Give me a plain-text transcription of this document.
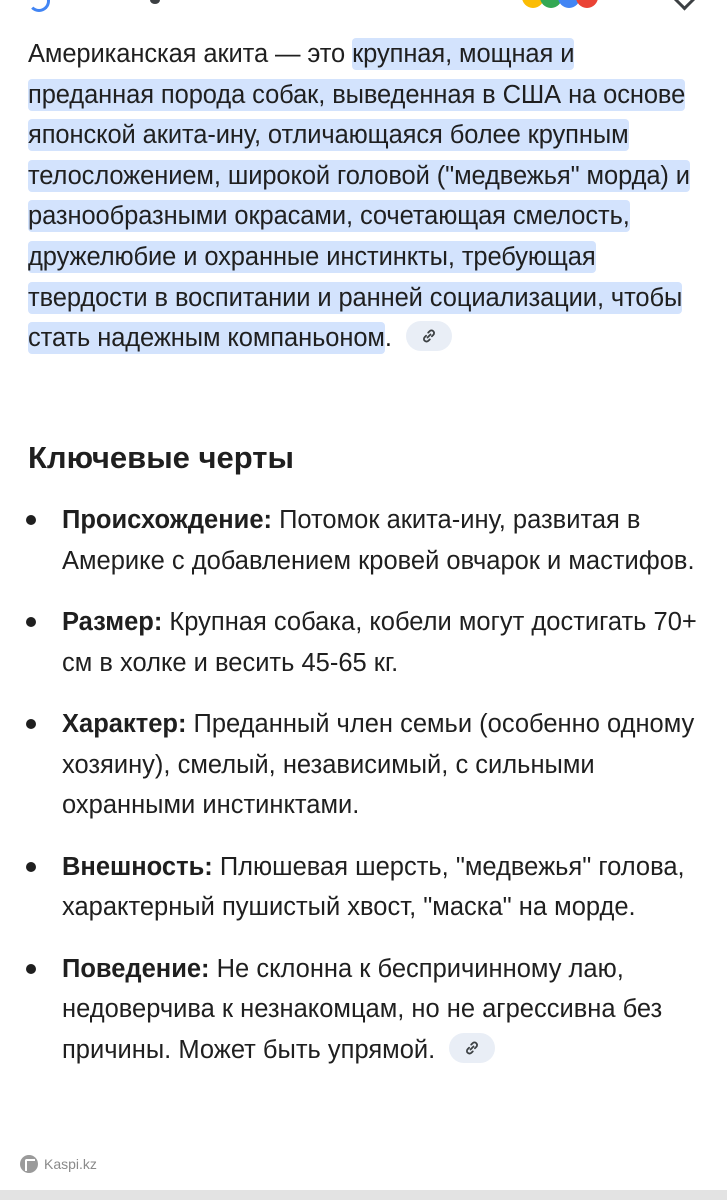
Американская акита — это крупная, мощная и преданная порода собак, выведенная в США на основе японской акита-ину, отличающаяся более крупным телосложением, широкой головой ("медвежья" морда) и разнообразными окрасами, сочетающая смелость, дружелюбие и охранные инстинкты, требующая твердости в воспитании и ранней социализации, чтобы стать надежным компаньоном.

Ключевые черты
Происхождение: Потомок акита-ину, развитая в Америке с добавлением кровей овчарок и мастифов.
Размер: Крупная собака, кобели могут достигать 70+ см в холке и весить 45-65 кг.
Характер: Преданный член семьи (особенно одному хозяину), смелый, независимый, с сильными охранными инстинктами.
Внешность: Плюшевая шерсть, "медвежья" голова, характерный пушистый хвост, "маска" на морде.
Поведение: Не склонна к беспричинному лаю, недоверчива к незнакомцам, но не агрессивна без причины. Может быть упрямой.
Kaspi.kz
